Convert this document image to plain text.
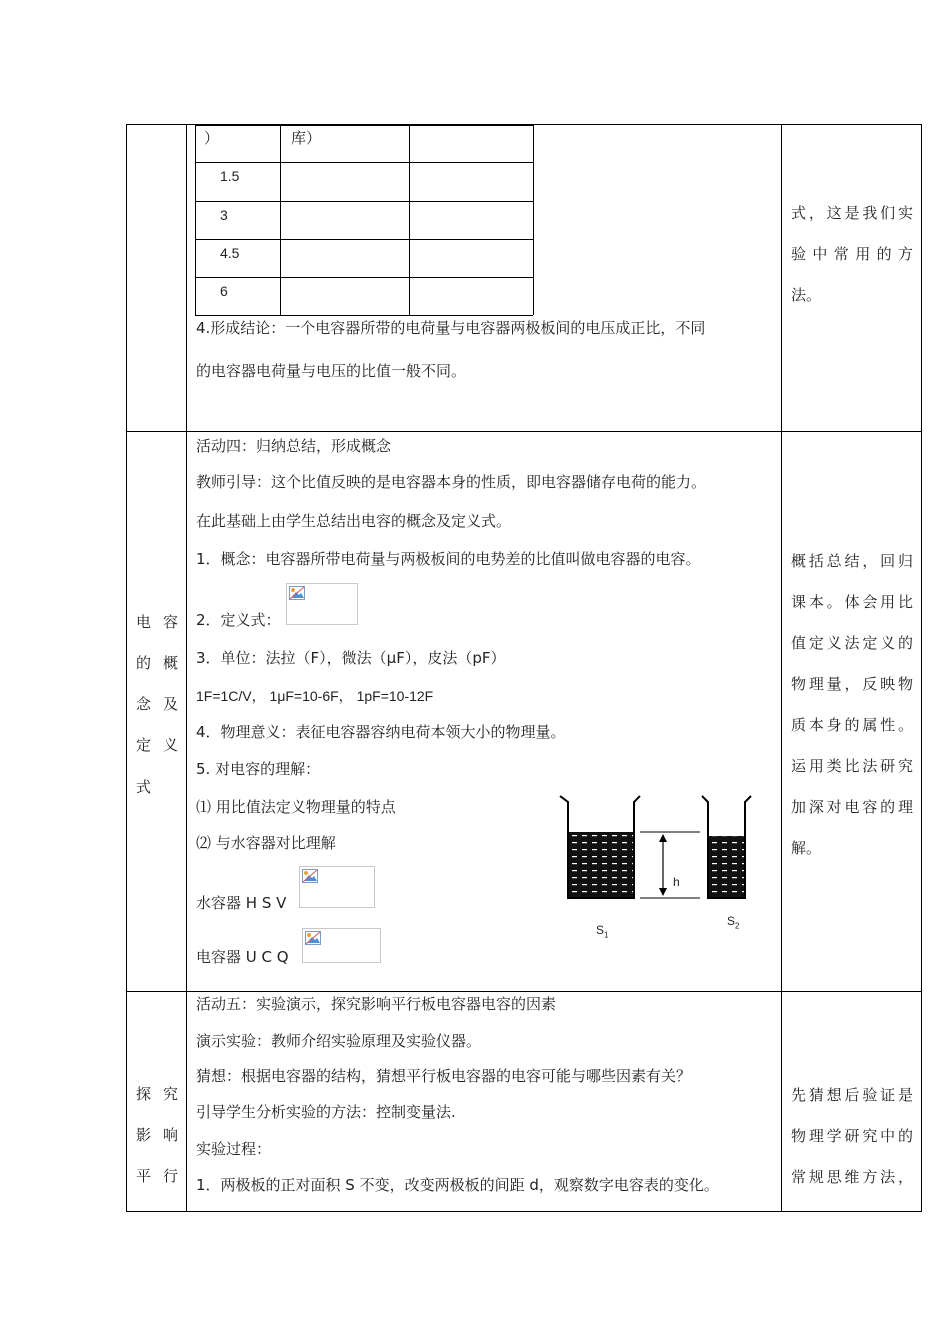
）	库）
1.5
3
4.5
6
4.形成结论：一个电容器所带的电荷量与电容器两极板间的电压成正比，不同
的电容器电荷量与电压的比值一般不同。
式，这是我们实
验中常用的方
法。
电容
的概
念及
定义
式
活动四：归纳总结，形成概念
教师引导：这个比值反映的是电容器本身的性质，即电容器储存电荷的能力。
在此基础上由学生总结出电容的概念及定义式。
1．概念：电容器所带电荷量与两极板间的电势差的比值叫做电容器的电容。
2．定义式：
3．单位：法拉（F），微法（μF），皮法（pF）
1F=1C/V， 1μF=10-6F， 1pF=10-12F
4．物理意义：表征电容器容纳电荷本领大小的物理量。
5. 对电容的理解：
⑴ 用比值法定义物理量的特点
⑵ 与水容器对比理解
水容器 H S V
电容器 U C Q
h
$S_1$
$S_2$
概括总结，回归
课本。体会用比
值定义法定义的
物理量，反映物
质本身的属性。
运用类比法研究
加深对电容的理
解。
探究
影响
平行
活动五：实验演示，探究影响平行板电容器电容的因素
演示实验：教师介绍实验原理及实验仪器。
猜想：根据电容器的结构，猜想平行板电容器的电容可能与哪些因素有关？
引导学生分析实验的方法：控制变量法.
实验过程：
1．两极板的正对面积 S 不变，改变两极板的间距 d，观察数字电容表的变化。
先猜想后验证是
物理学研究中的
常规思维方法，
